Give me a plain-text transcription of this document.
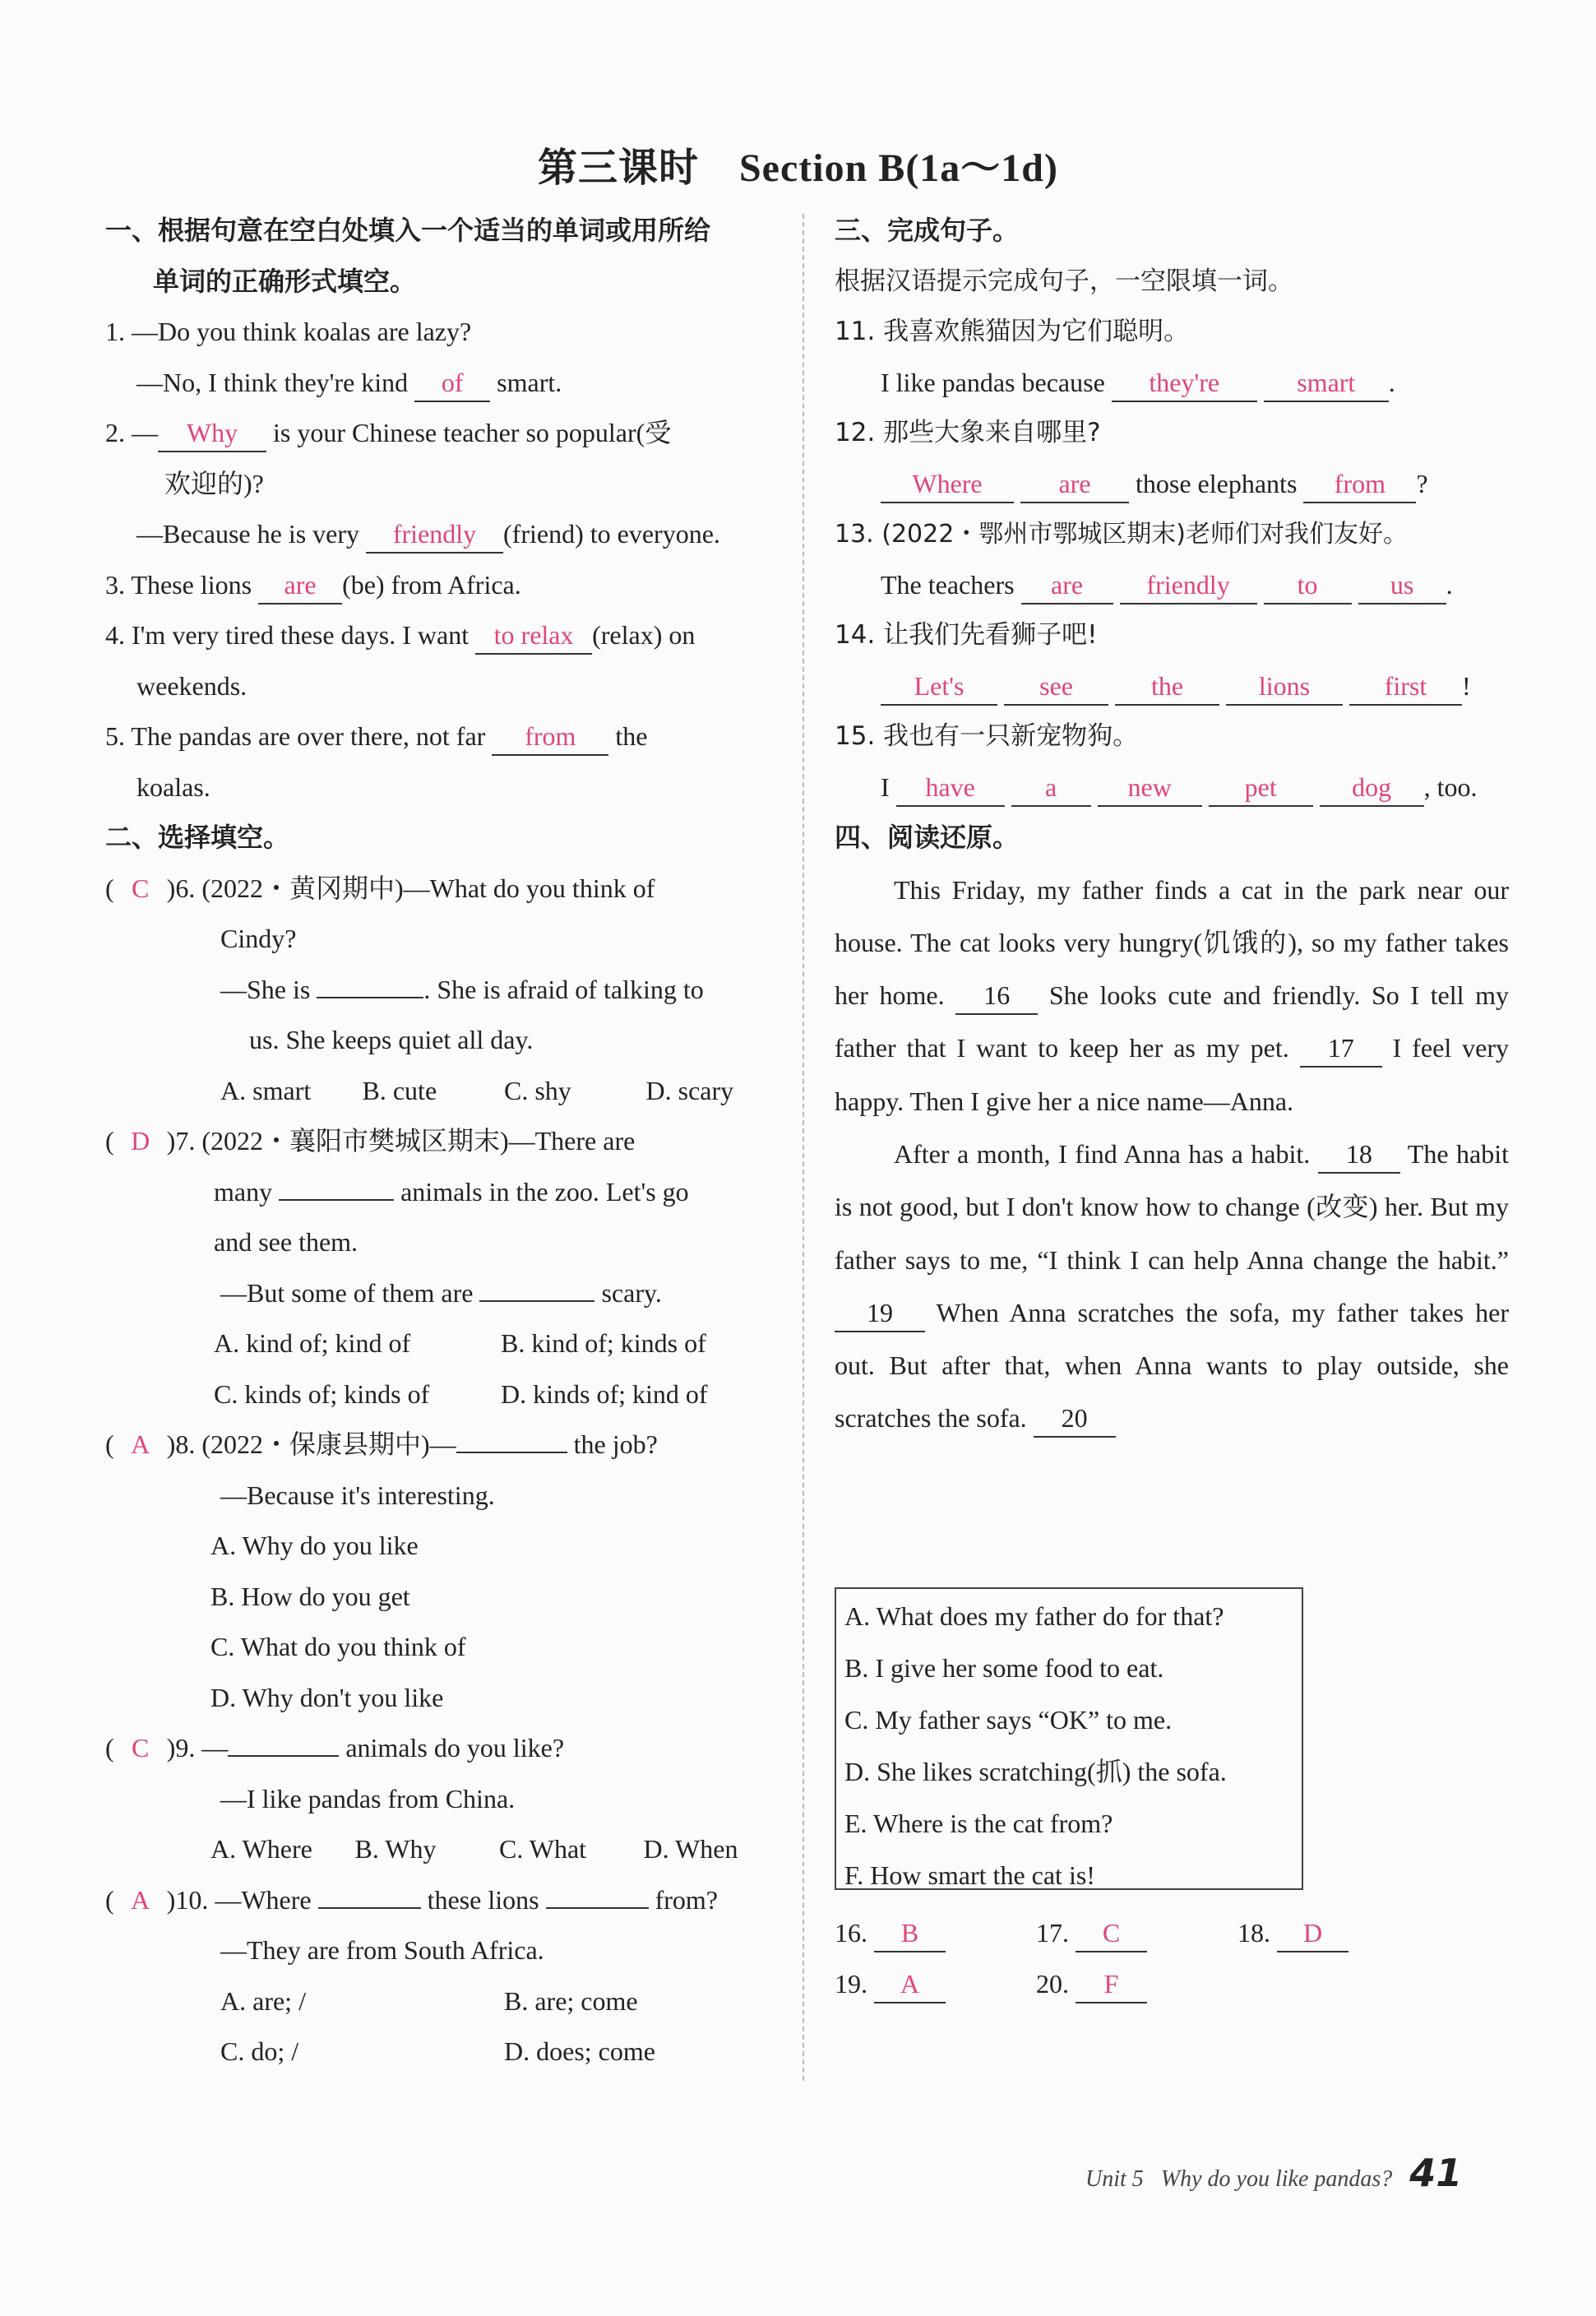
第三课时　Section B(1a～1d)
一、根据句意在空白处填入一个适当的单词或用所给
单词的正确形式填空。
1. —Do you think koalas are lazy?
—No, I think they're kind of smart.
2. — Why is your Chinese teacher so popular(受
欢迎的)?
—Because he is very friendly (friend) to everyone.
3. These lions are (be) from Africa.
4. I'm very tired these days. I want to relax (relax) on
weekends.
5. The pandas are over there, not far from the
koalas.
二、选择填空。
( C )6. (2022・黄冈期中)—What do you think of
Cindy?
—She is	. She is afraid of talking to
us. She keeps quiet all day.
A. smart	B. cute	C. shy	D. scary
( D )7. (2022・襄阳市樊城区期末)—There are
many	animals in the zoo. Let's go
and see them.
—But some of them are	scary.
A. kind of; kind of	B. kind of; kinds of
C. kinds of; kinds of	D. kinds of; kind of
( A )8. (2022・保康县期中)—	the job?
—Because it's interesting.
A. Why do you like
B. How do you get
C. What do you think of
D. Why don't you like
( C )9. —	animals do you like?
—I like pandas from China.
A. Where	B. Why	C. What	D. When
( A )10. —Where	these lions	from?
—They are from South Africa.
A. are; /	B. are; come
C. do; /	D. does; come
三、完成句子。
根据汉语提示完成句子，一空限填一词。
11. 我喜欢熊猫因为它们聪明。
I like pandas because they're	smart .
12. 那些大象来自哪里?
Where	are those elephants from ?
13. (2022・鄂州市鄂城区期末)老师们对我们友好。
The teachers are friendly	to	us .
14. 让我们先看狮子吧!
Let's	see	the	lions	first !
15. 我也有一只新宠物狗。
I have	a	new	pet	dog , too.
四、阅读还原。
This Friday, my father finds a cat in the park near our house. The cat looks very hungry(饥饿的), so my father takes her home. 16 She looks cute and friendly. So I tell my father that I want to keep her as my pet. 17 I feel very happy. Then I give her a nice name—Anna.
After a month, I find Anna has a habit. 18 The habit is not good, but I don't know how to change (改变) her. But my father says to me, “I think I can help Anna change the habit.” 19 When Anna scratches the sofa, my father takes her out. But after that, when Anna wants to play outside, she scratches the sofa. 20
A. What does my father do for that?
B. I give her some food to eat.
C. My father says “OK” to me.
D. She likes scratching(抓) the sofa.
E. Where is the cat from?
F. How smart the cat is!
16. B	17. C	18. D
19. A	20. F
Unit 5 Why do you like pandas? 41
